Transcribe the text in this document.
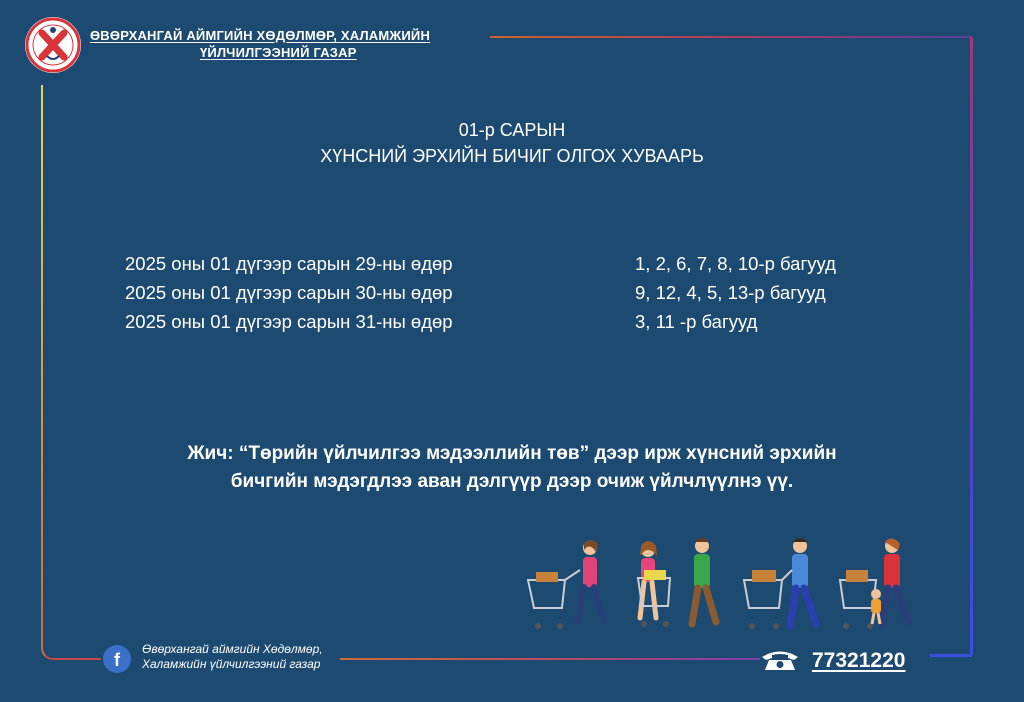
ӨВӨРХАНГАЙ АЙМГИЙН ХӨДӨЛМӨР, ХАЛАМЖИЙН
ҮЙЛЧИЛГЭЭНИЙ ГАЗАР
01-р САРЫН
ХҮНСНИЙ ЭРХИЙН БИЧИГ ОЛГОХ ХУВААРЬ
2025 оны 01 дүгээр сарын 29-ны өдөр	1, 2, 6, 7, 8, 10-р багууд
2025 оны 01 дүгээр сарын 30-ны өдөр	9, 12, 4, 5, 13-р багууд
2025 оны 01 дүгээр сарын 31-ны өдөр	3, 11 -р багууд
Жич: “Төрийн үйлчилгээ мэдээллийн төв” дээр ирж хүнсний эрхийн
бичгийн мэдэгдлээ аван дэлгүүр дээр очиж үйлчлүүлнэ үү.
f
Өвөрхангай аймгийн Хөдөлмөр,
Халамжийн үйлчилгээний газар	77321220
